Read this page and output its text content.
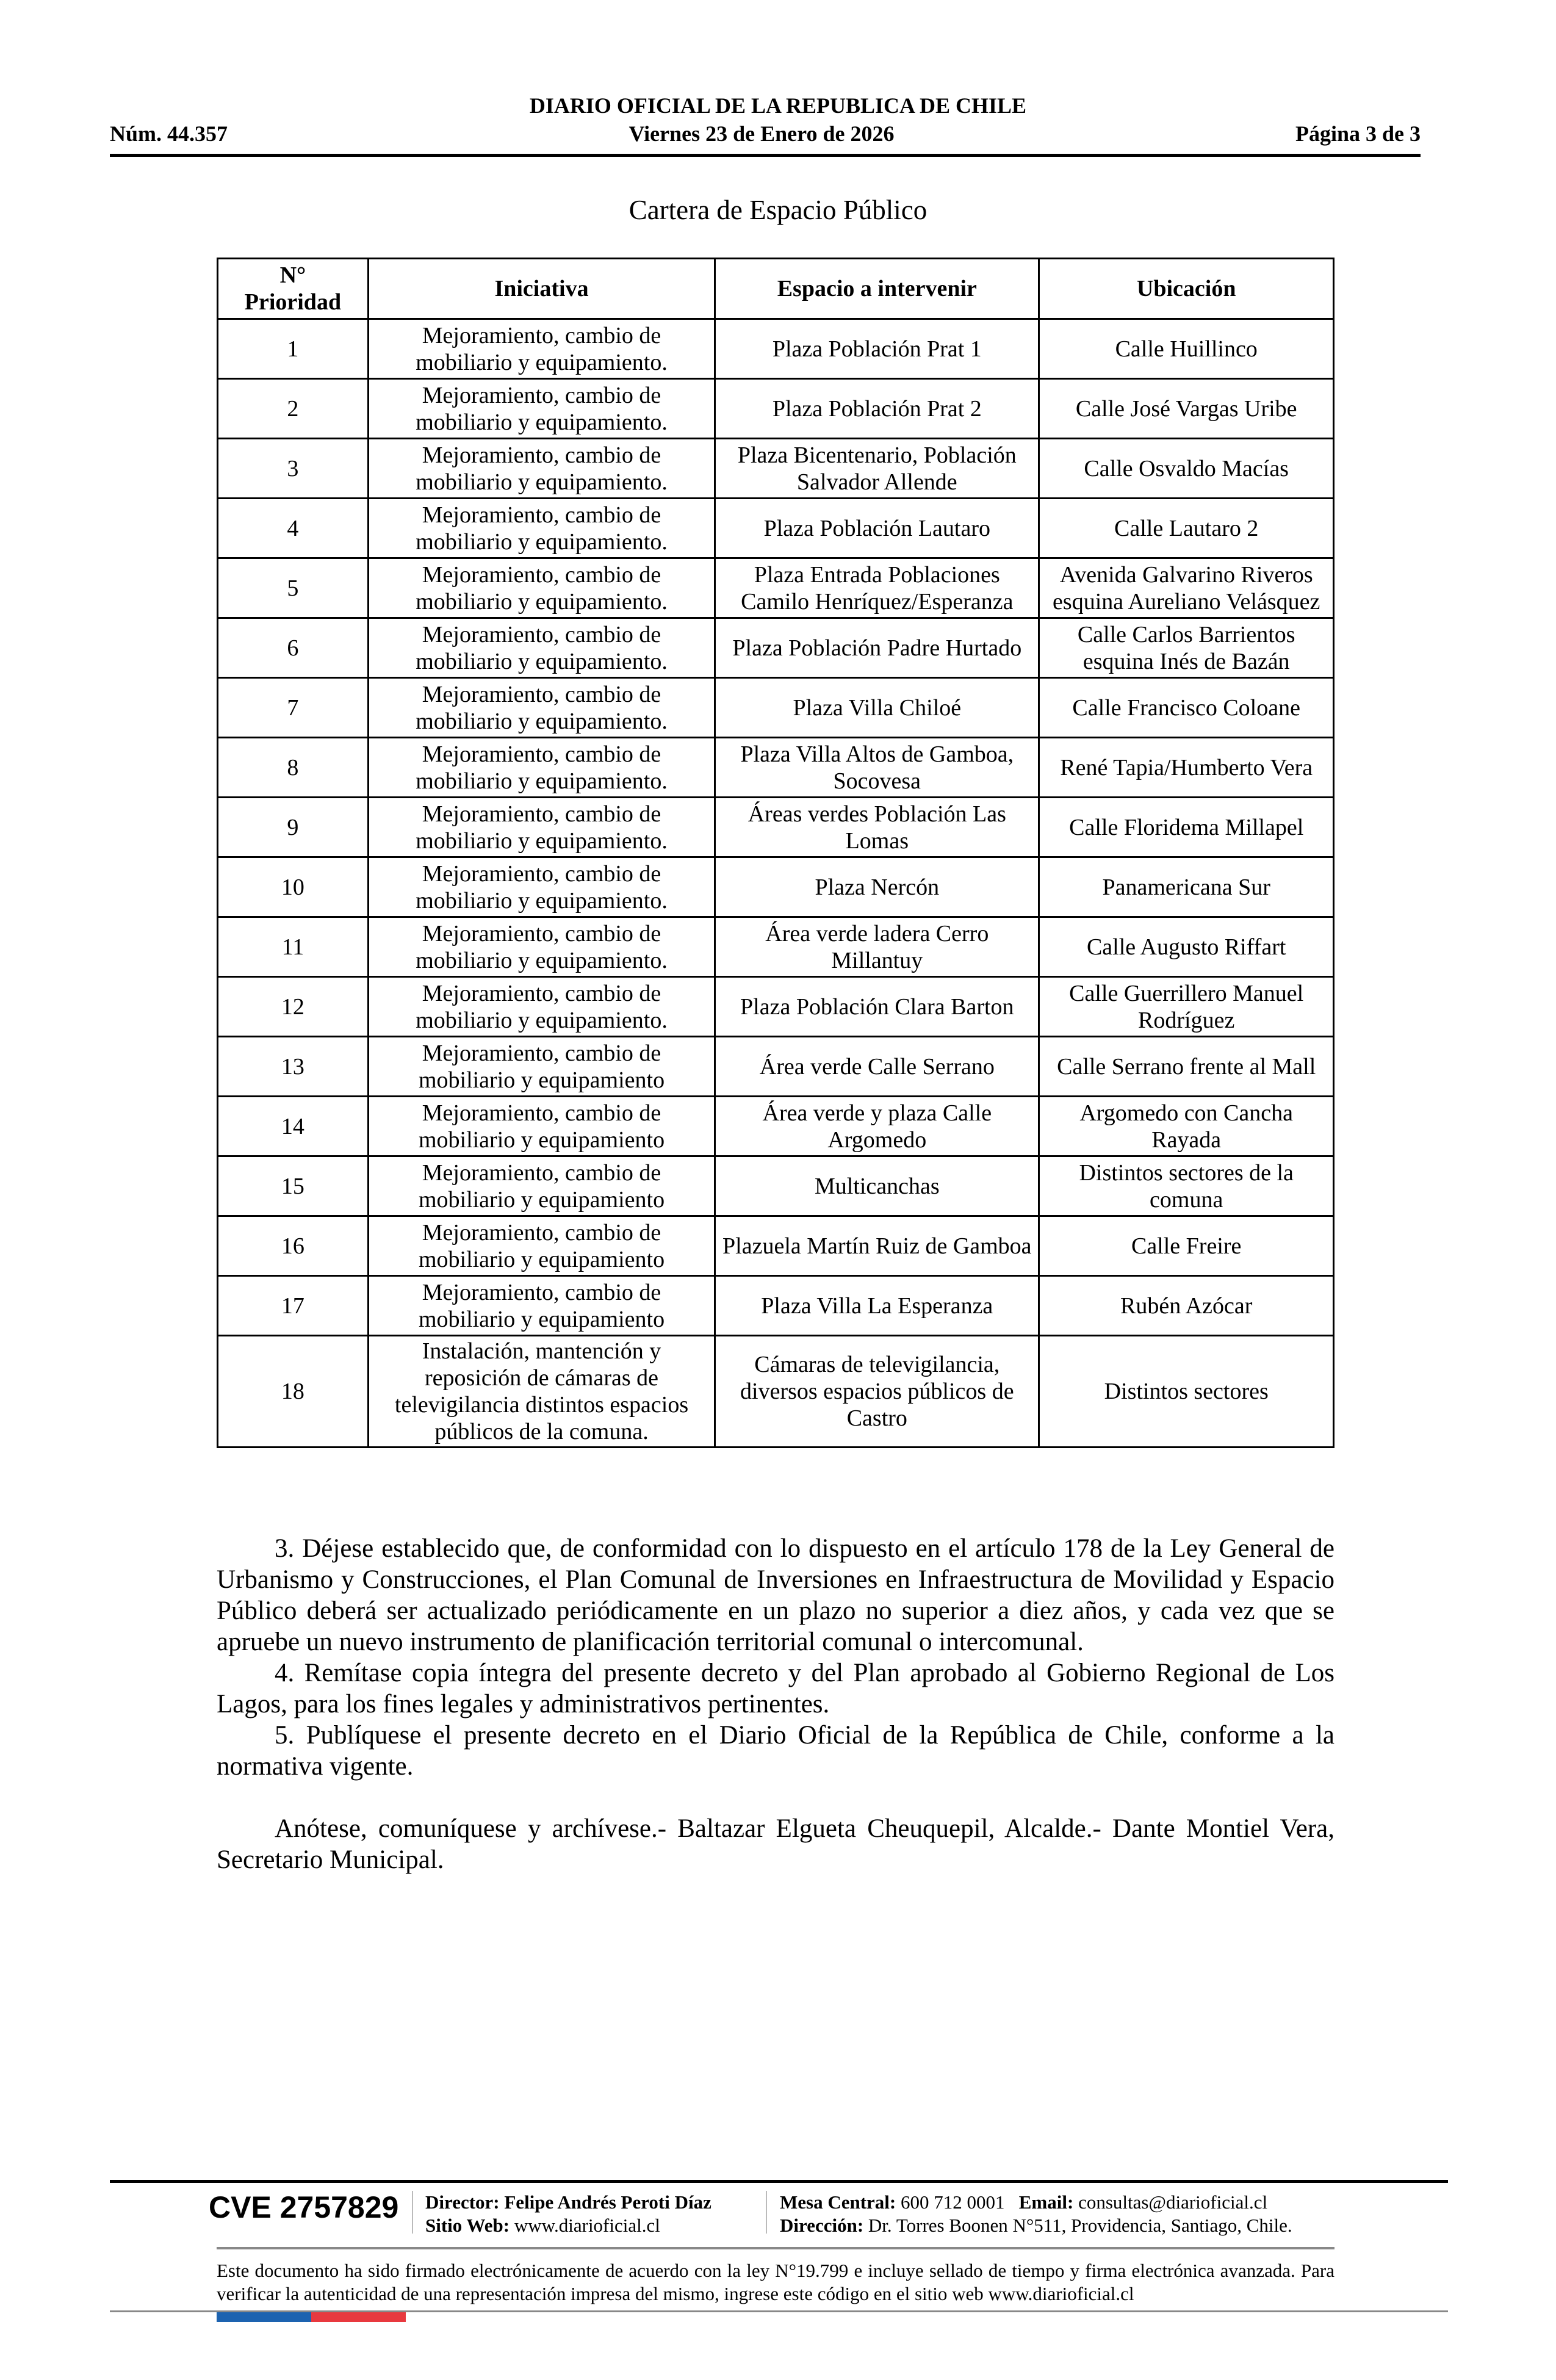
DIARIO OFICIAL DE LA REPUBLICA DE CHILE
Núm. 44.357	Viernes 23 de Enero de 2026	Página 3 de 3
Cartera de Espacio Público
N°
Prioridad	Iniciativa	Espacio a intervenir	Ubicación
1	Mejoramiento, cambio de mobiliario y equipamiento.	Plaza Población Prat 1	Calle Huillinco
2	Mejoramiento, cambio de mobiliario y equipamiento.	Plaza Población Prat 2	Calle José Vargas Uribe
3	Mejoramiento, cambio de mobiliario y equipamiento.	Plaza Bicentenario, Población Salvador Allende	Calle Osvaldo Macías
4	Mejoramiento, cambio de mobiliario y equipamiento.	Plaza Población Lautaro	Calle Lautaro 2
5	Mejoramiento, cambio de mobiliario y equipamiento.	Plaza Entrada Poblaciones Camilo Henríquez/Esperanza	Avenida Galvarino Riveros esquina Aureliano Velásquez
6	Mejoramiento, cambio de mobiliario y equipamiento.	Plaza Población Padre Hurtado	Calle Carlos Barrientos esquina Inés de Bazán
7	Mejoramiento, cambio de mobiliario y equipamiento.	Plaza Villa Chiloé	Calle Francisco Coloane
8	Mejoramiento, cambio de mobiliario y equipamiento.	Plaza Villa Altos de Gamboa, Socovesa	René Tapia/Humberto Vera
9	Mejoramiento, cambio de mobiliario y equipamiento.	Áreas verdes Población Las Lomas	Calle Floridema Millapel
10	Mejoramiento, cambio de mobiliario y equipamiento.	Plaza Nercón	Panamericana Sur
11	Mejoramiento, cambio de mobiliario y equipamiento.	Área verde ladera Cerro Millantuy	Calle Augusto Riffart
12	Mejoramiento, cambio de mobiliario y equipamiento.	Plaza Población Clara Barton	Calle Guerrillero Manuel Rodríguez
13	Mejoramiento, cambio de mobiliario y equipamiento	Área verde Calle Serrano	Calle Serrano frente al Mall
14	Mejoramiento, cambio de mobiliario y equipamiento	Área verde y plaza Calle Argomedo	Argomedo con Cancha Rayada
15	Mejoramiento, cambio de mobiliario y equipamiento	Multicanchas	Distintos sectores de la comuna
16	Mejoramiento, cambio de mobiliario y equipamiento	Plazuela Martín Ruiz de Gamboa	Calle Freire
17	Mejoramiento, cambio de mobiliario y equipamiento	Plaza Villa La Esperanza	Rubén Azócar
18	Instalación, mantención y reposición de cámaras de televigilancia distintos espacios públicos de la comuna.	Cámaras de televigilancia, diversos espacios públicos de Castro	Distintos sectores

3. Déjese establecido que, de conformidad con lo dispuesto en el artículo 178 de la Ley General de Urbanismo y Construcciones, el Plan Comunal de Inversiones en Infraestructura de Movilidad y Espacio Público deberá ser actualizado periódicamente en un plazo no superior a diez años, y cada vez que se apruebe un nuevo instrumento de planificación territorial comunal o intercomunal.

4. Remítase copia íntegra del presente decreto y del Plan aprobado al Gobierno Regional de Los Lagos, para los fines legales y administrativos pertinentes.

5. Publíquese el presente decreto en el Diario Oficial de la República de Chile, conforme a la normativa vigente.

Anótese, comuníquese y archívese.- Baltazar Elgueta Cheuquepil, Alcalde.- Dante Montiel Vera, Secretario Municipal.

CVE 2757829 Director: Felipe Andrés Peroti Díaz
Sitio Web: www.diarioficial.cl
Mesa Central: 600 712 0001 Email: consultas@diarioficial.cl
Dirección: Dr. Torres Boonen N°511, Providencia, Santiago, Chile.
Este documento ha sido firmado electrónicamente de acuerdo con la ley N°19.799 e incluye sellado de tiempo y firma electrónica avanzada. Para verificar la autenticidad de una representación impresa del mismo, ingrese este código en el sitio web www.diarioficial.cl
